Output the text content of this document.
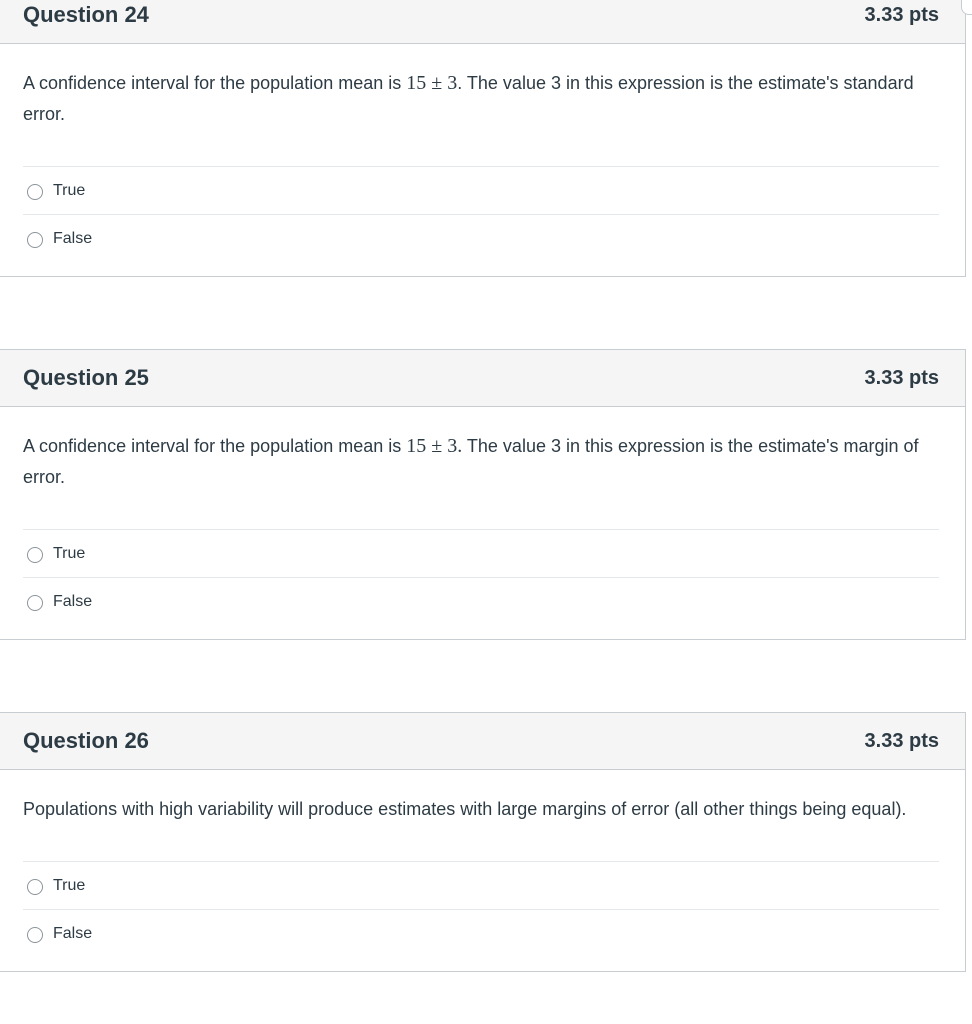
Question 24	3.33 pts

A confidence interval for the population mean is 15 ± 3. The value 3 in this expression is the estimate's standard error.

True
False
Question 25	3.33 pts

A confidence interval for the population mean is 15 ± 3. The value 3 in this expression is the estimate's margin of error.

True
False
Question 26	3.33 pts

Populations with high variability will produce estimates with large margins of error (all other things being equal).

True
False
